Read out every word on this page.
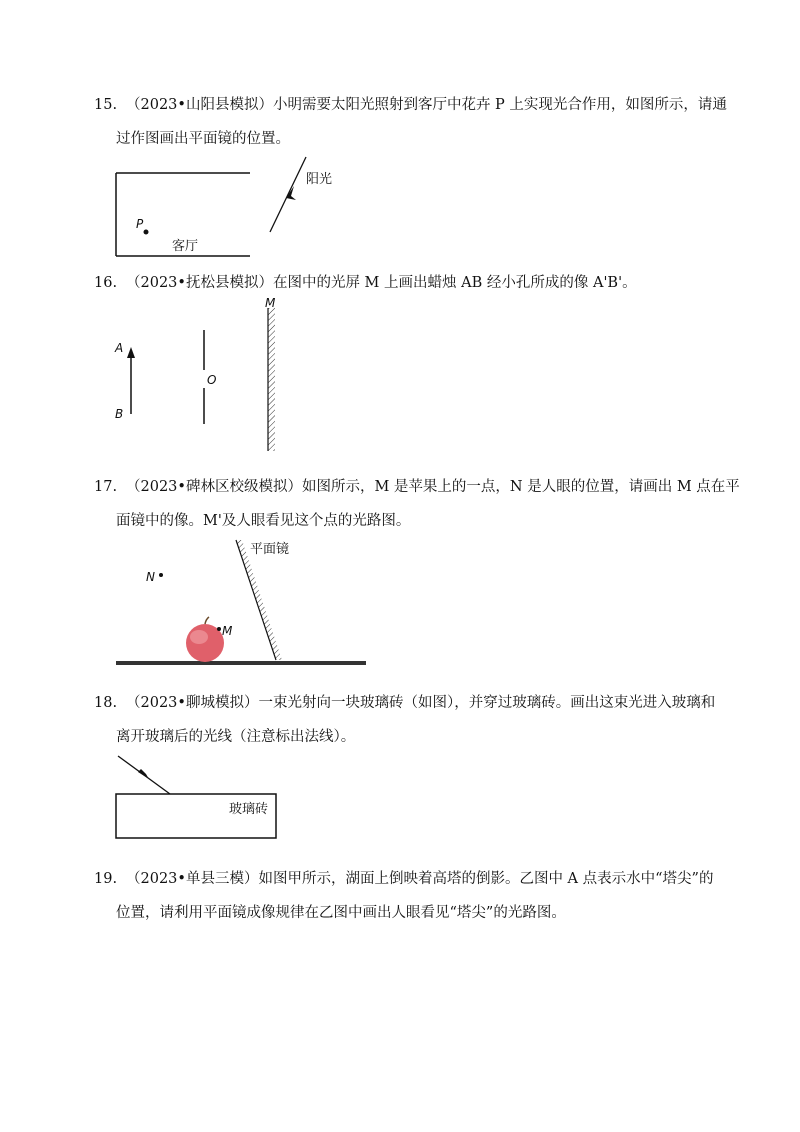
15. （2023•山阳县模拟）小明需要太阳光照射到客厅中花卉 P 上实现光合作用，如图所示，请通
过作图画出平面镜的位置。
P
客厅
阳光
16. （2023•抚松县模拟）在图中的光屏 M 上画出蜡烛 AB 经小孔所成的像 A'B'。
A
B
O
M
17. （2023•碑林区校级模拟）如图所示，M 是苹果上的一点，N 是人眼的位置，请画出 M 点在平
面镜中的像。M'及人眼看见这个点的光路图。
平面镜
N
M
18. （2023•聊城模拟）一束光射向一块玻璃砖（如图），并穿过玻璃砖。画出这束光进入玻璃和
离开玻璃后的光线（注意标出法线）。
玻璃砖
19. （2023•单县三模）如图甲所示，湖面上倒映着高塔的倒影。乙图中 A 点表示水中“塔尖”的
位置，请利用平面镜成像规律在乙图中画出人眼看见“塔尖”的光路图。
